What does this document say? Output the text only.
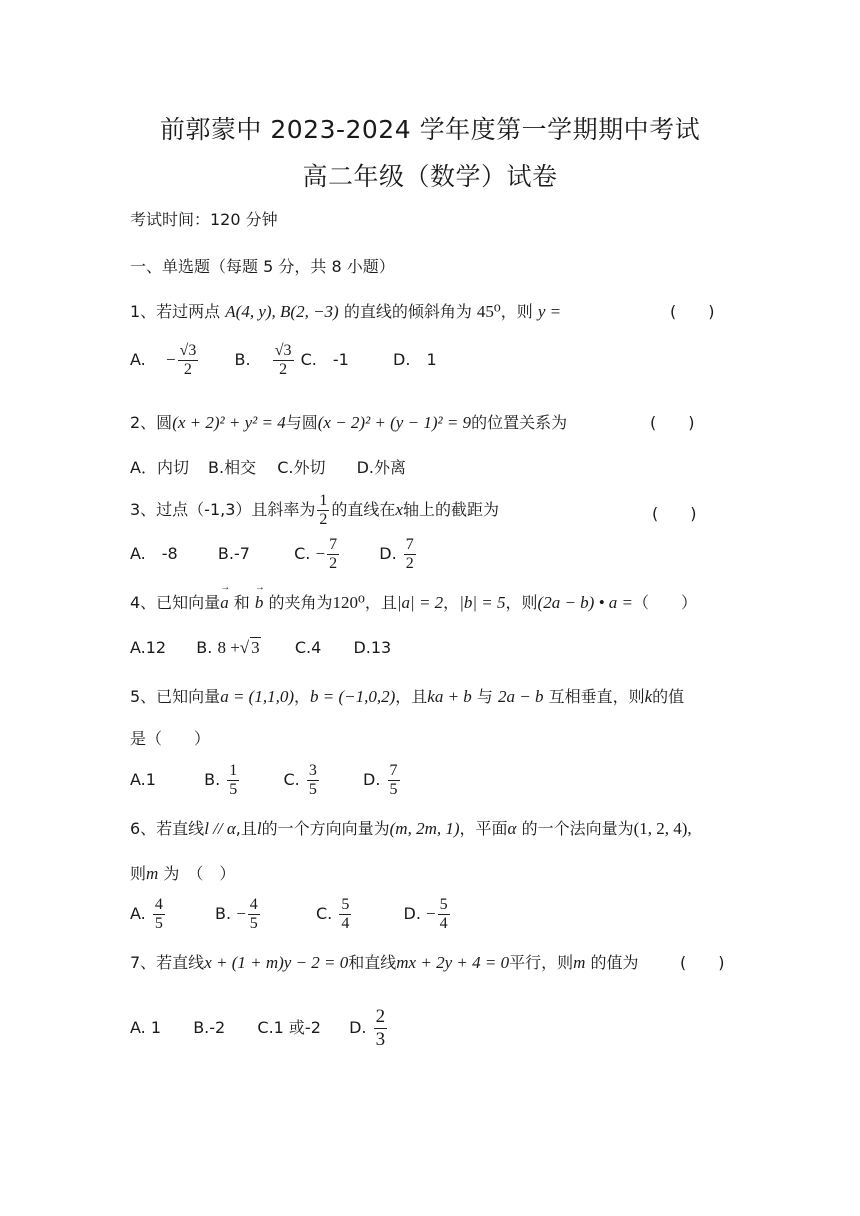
前郭蒙中 2023-2024 学年度第一学期期中考试
高二年级（数学）试卷
考试时间：120 分钟
一、单选题（每题 5 分，共 8 小题）
1、若过两点 A(4, y), B(2, −3) 的直线的倾斜角为 45⁰，则 y =	(　　)
A. − $\frac{√3}{2} B$. $\frac{√3}{2} C$.　-1	D.　1
2、圆(x + 2)² + y² = 4与圆(x − 2)² + (y − 1)² = 9的位置关系为	(　　)
A．内切 B.相交 C.外切 D.外离
3、过点（-1,3）且斜率为 $\frac{1}{2}$ 的直线在x轴上的截距为	(　　)
A.　-8	B.-7	C. − $\frac{7}{2}$	D. $\frac{7}{2}$
4、已知向量→ a 和 → b 的夹角为120⁰，且|a| = 2，|b| = 5，则(2a − b) • a =（　　）
A.12 B. 8 +√ 3 C.4 D.13
5、已知向量a = (1,1,0)，b = (−1,0,2)，且ka + b 与 2a − b 互相垂直，则k的值
是（　　）
A.1	B. $\frac{1}{5}$	C. $\frac{3}{5}$	D. $\frac{7}{5}$
6、若直线l // α,且l的一个方向向量为(m, 2m, 1)，平面α 的一个法向量为(1, 2, 4),
则m 为　（　）
A. $\frac{4}{5}$	B. − $\frac{4}{5}$	C. $\frac{5}{4}$	D. − $\frac{5}{4}$
7、若直线x + (1 + m)y − 2 = 0和直线mx + 2y + 4 = 0平行，则m 的值为	(　　)
A. 1 B.-2 C.1 或-2 D. $\frac{2}{3}$
